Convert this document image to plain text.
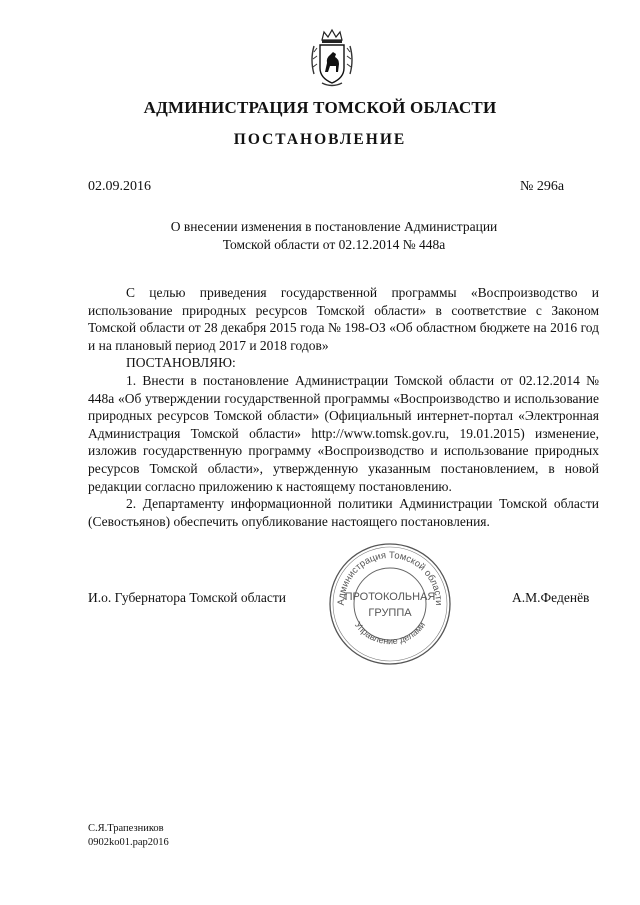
АДМИНИСТРАЦИЯ ТОМСКОЙ ОБЛАСТИ
ПОСТАНОВЛЕНИЕ
02.09.2016	№ 296а
О внесении изменения в постановление Администрации
Томской области от 02.12.2014 № 448а

С целью приведения государственной программы «Воспроизводство и использование природных ресурсов Томской области» в соответствие с Законом Томской области от 28 декабря 2015 года № 198-ОЗ «Об областном бюджете на 2016 год и на плановый период 2017 и 2018 годов»

ПОСТАНОВЛЯЮ:

1. Внести в постановление Администрации Томской области от 02.12.2014 № 448а «Об утверждении государственной программы «Воспроизводство и использование природных ресурсов Томской области» (Официальный интернет-портал «Электронная Администрация Томской области» http://www.tomsk.gov.ru, 19.01.2015) изменение, изложив государственную программу «Воспроизводство и использование природных ресурсов Томской области», утвержденную указанным постановлением, в новой редакции согласно приложению к настоящему постановлению.

2. Департаменту информационной политики Администрации Томской области (Севостьянов) обеспечить опубликование настоящего постановления.

И.о. Губернатора Томской области	А.М.Феденёв
Администрация Томской области
Управление делами
ПРОТОКОЛЬНАЯ
ГРУППА
С.Я.Трапезников
0902ko01.pap2016
